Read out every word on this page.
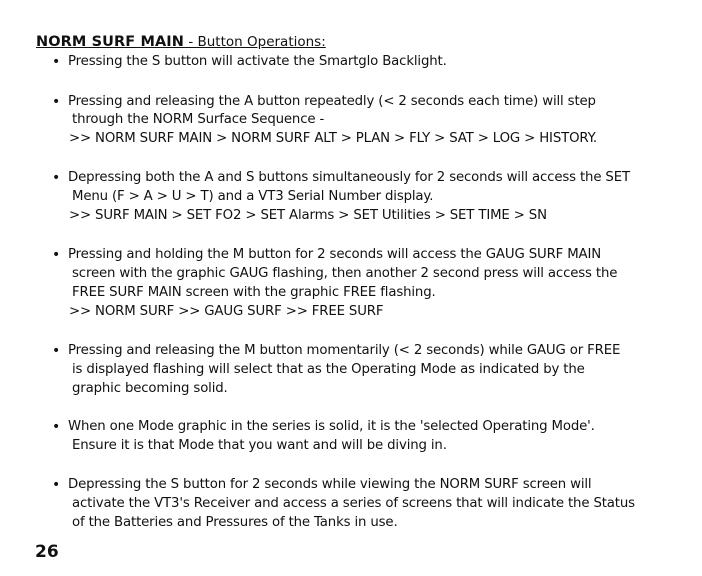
NORM SURF MAIN - Button Operations:
• Pressing the S button will activate the Smartglo Backlight.
• Pressing and releasing the A button repeatedly (< 2 seconds each time) will step
through the NORM Surface Sequence -
>> NORM SURF MAIN > NORM SURF ALT > PLAN > FLY > SAT > LOG > HISTORY.
• Depressing both the A and S buttons simultaneously for 2 seconds will access the SET
Menu (F > A > U > T) and a VT3 Serial Number display.
>> SURF MAIN > SET FO2 > SET Alarms > SET Utilities > SET TIME > SN
• Pressing and holding the M button for 2 seconds will access the GAUG SURF MAIN
screen with the graphic GAUG flashing, then another 2 second press will access the
FREE SURF MAIN screen with the graphic FREE flashing.
>> NORM SURF >> GAUG SURF >> FREE SURF
• Pressing and releasing the M button momentarily (< 2 seconds) while GAUG or FREE
is displayed flashing will select that as the Operating Mode as indicated by the
graphic becoming solid.
• When one Mode graphic in the series is solid, it is the 'selected Operating Mode'.
Ensure it is that Mode that you want and will be diving in.
• Depressing the S button for 2 seconds while viewing the NORM SURF screen will
activate the VT3's Receiver and access a series of screens that will indicate the Status
of the Batteries and Pressures of the Tanks in use.
26
